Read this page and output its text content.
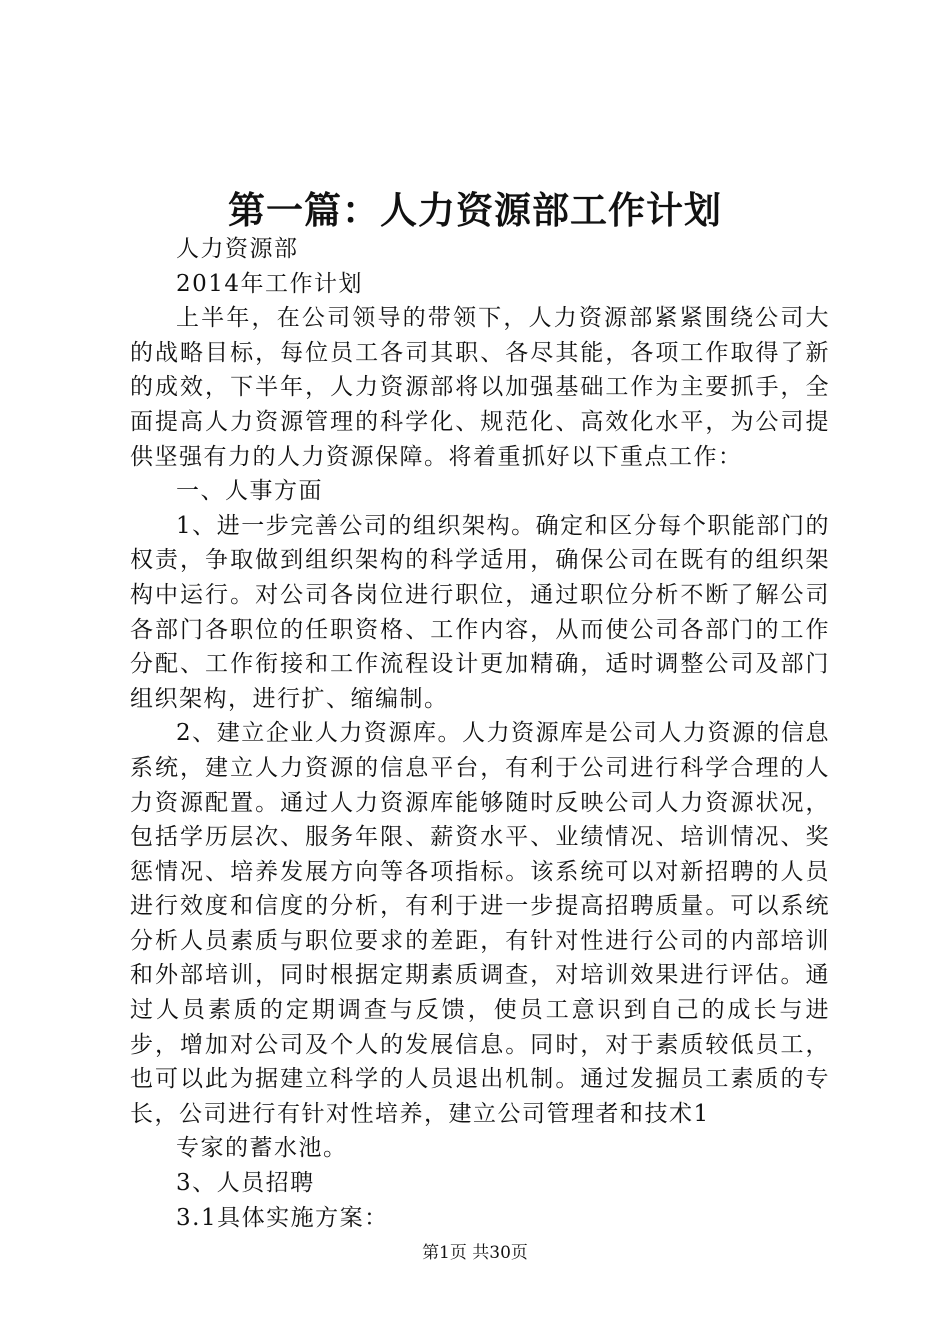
第一篇：人力资源部工作计划

人力资源部

2014年工作计划

上半年，在公司领导的带领下，人力资源部紧紧围绕公司大的战略目标，每位员工各司其职、各尽其能，各项工作取得了新的成效，下半年，人力资源部将以加强基础工作为主要抓手，全面提高人力资源管理的科学化、规范化、高效化水平，为公司提供坚强有力的人力资源保障。将着重抓好以下重点工作：

一、人事方面

1、进一步完善公司的组织架构。确定和区分每个职能部门的权责，争取做到组织架构的科学适用，确保公司在既有的组织架构中运行。对公司各岗位进行职位，通过职位分析不断了解公司各部门各职位的任职资格、工作内容，从而使公司各部门的工作分配、工作衔接和工作流程设计更加精确，适时调整公司及部门组织架构，进行扩、缩编制。

2、建立企业人力资源库。人力资源库是公司人力资源的信息系统，建立人力资源的信息平台，有利于公司进行科学合理的人力资源配置。通过人力资源库能够随时反映公司人力资源状况，包括学历层次、服务年限、薪资水平、业绩情况、培训情况、奖惩情况、培养发展方向等各项指标。该系统可以对新招聘的人员进行效度和信度的分析，有利于进一步提高招聘质量。可以系统分析人员素质与职位要求的差距，有针对性进行公司的内部培训和外部培训，同时根据定期素质调查，对培训效果进行评估。通过人员素质的定期调查与反馈，使员工意识到自己的成长与进步，增加对公司及个人的发展信息。同时，对于素质较低员工，也可以此为据建立科学的人员退出机制。通过发掘员工素质的专长，公司进行有针对性培养，建立公司管理者和技术1

专家的蓄水池。

3、人员招聘

3.1具体实施方案：

第1页 共30页
